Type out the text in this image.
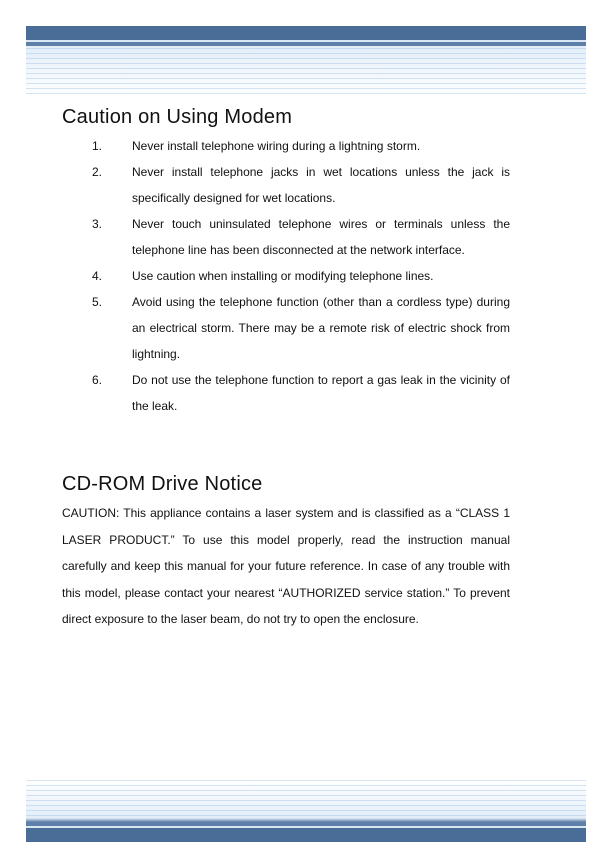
Caution on Using Modem
1.	Never install telephone wiring during a lightning storm.
2.	Never install telephone jacks in wet locations unless the jack is specifically designed for wet locations.
3.	Never touch uninsulated telephone wires or terminals unless the telephone line has been disconnected at the network interface.
4.	Use caution when installing or modifying telephone lines.
5.	Avoid using the telephone function (other than a cordless type) during an electrical storm. There may be a remote risk of electric shock from lightning.
6.	Do not use the telephone function to report a gas leak in the vicinity of the leak.
CD-ROM Drive Notice

CAUTION: This appliance contains a laser system and is classified as a “CLASS 1 LASER PRODUCT.” To use this model properly, read the instruction manual carefully and keep this manual for your future reference. In case of any trouble with this model, please contact your nearest “AUTHORIZED service station.” To prevent direct exposure to the laser beam, do not try to open the enclosure.
